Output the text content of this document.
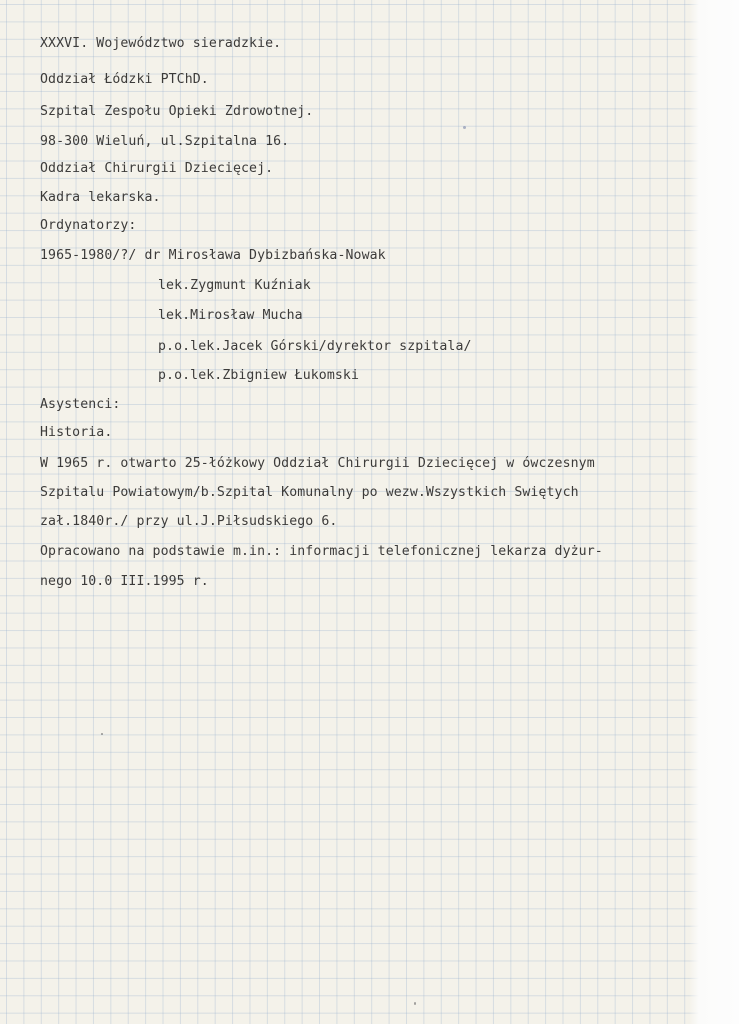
XXXVI. Województwo sieradzkie.
Oddział Łódzki PTChD.
Szpital Zespołu Opieki Zdrowotnej.
98-300 Wieluń, ul.Szpitalna 16.
Oddział Chirurgii Dziecięcej.
Kadra lekarska.
Ordynatorzy:
1965-1980/?/ dr Mirosława Dybizbańska-Nowak
lek.Zygmunt Kuźniak
lek.Mirosław Mucha
p.o.lek.Jacek Górski/dyrektor szpitala/
p.o.lek.Zbigniew Łukomski
Asystenci:
Historia.
W 1965 r. otwarto 25-łóżkowy Oddział Chirurgii Dziecięcej w ówczesnym
Szpitalu Powiatowym/b.Szpital Komunalny po wezw.Wszystkich Swiętych
zał.1840r./ przy ul.J.Piłsudskiego 6.
Opracowano na podstawie m.in.: informacji telefonicznej lekarza dyżur-
nego 10.0 III.1995 r.
